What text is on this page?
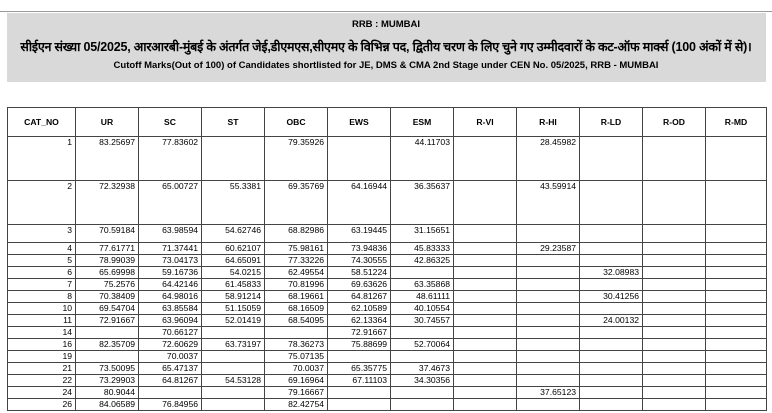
RRB : MUMBAI
सीईएन संख्या 05/2025, आरआरबी-मुंबई के अंतर्गत जेई,डीएमएस,सीएमए के विभिन्न पद, द्वितीय चरण के लिए चुने गए उम्मीदवारों के कट-ऑफ मार्क्स (100 अंकों में से)।
Cutoff Marks(Out of 100) of Candidates shortlisted for JE, DMS & CMA 2nd Stage under CEN No. 05/2025, RRB - MUMBAI
CAT_NO	UR	SC	ST	OBC	EWS	ESM	R-VI	R-HI	R-LD	R-OD	R-MD
1	83.25697	77.83602		79.35926		44.11703		28.45982			
2	72.32938	65.00727	55.3381	69.35769	64.16944	36.35637		43.59914			
3	70.59184	63.98594	54.62746	68.82986	63.19445	31.15651					
4	77.61771	71.37441	60.62107	75.98161	73.94836	45.83333		29.23587			
5	78.99039	73.04173	64.65091	77.33226	74.30555	42.86325					
6	65.69998	59.16736	54.0215	62.49554	58.51224				32.08983		
7	75.2576	64.42146	61.45833	70.81996	69.63626	63.35868					
8	70.38409	64.98016	58.91214	68.19661	64.81267	48.61111			30.41256		
10	69.54704	63.85584	51.15059	68.16509	62.10589	40.10554					
11	72.91667	63.96094	52.01419	68.54095	62.13364	30.74557			24.00132		
14		70.66127			72.91667						
16	82.35709	72.60629	63.73197	78.36273	75.88699	52.70064					
19		70.0037		75.07135							
21	73.50095	65.47137		70.0037	65.35775	37.4673					
22	73.29903	64.81267	54.53128	69.16964	67.11103	34.30356					
24	80.9044			79.16667				37.65123			
26	84.06589	76.84956		82.42754							
